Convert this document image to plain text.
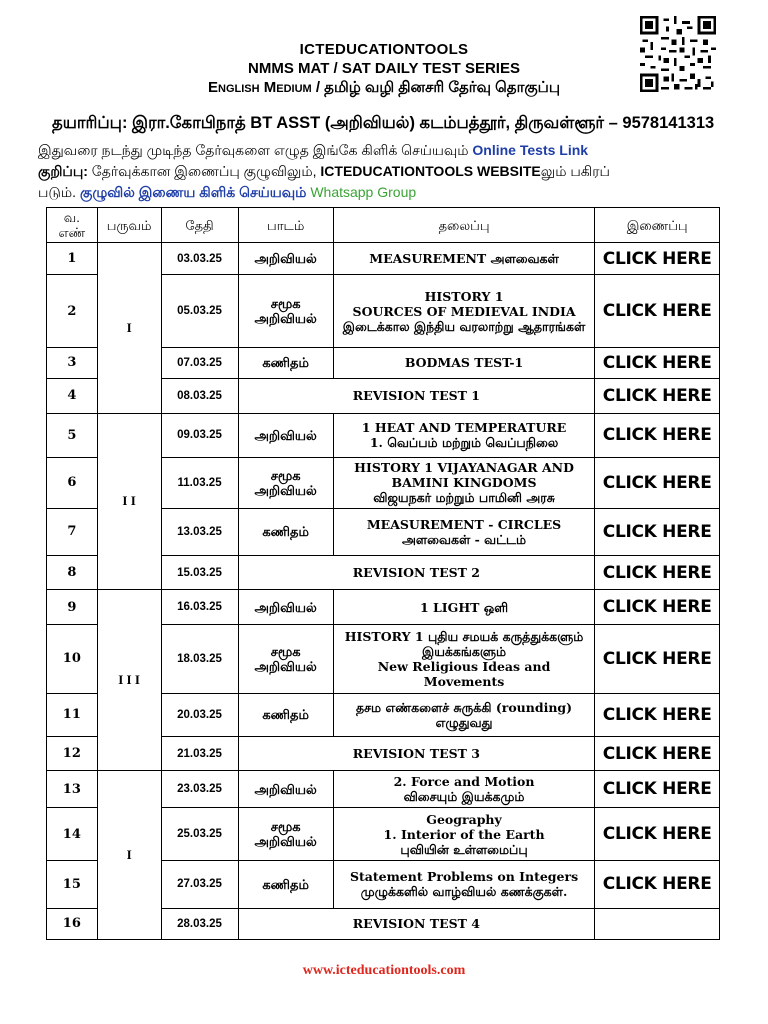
ICTEDUCATIONTOOLS
NMMS MAT / SAT DAILY TEST SERIES
English Medium / தமிழ் வழி தினசரி தேர்வு தொகுப்பு
தயாரிப்பு: இரா.கோபிநாத் BT ASST (அறிவியல்) கடம்பத்தூர், திருவள்ளூர் – 9578141313
இதுவரை நடந்து முடிந்த தேர்வுகளை எழுத இங்கே கிளிக் செய்யவும் Online Tests Link
குறிப்பு: தேர்வுக்கான இணைப்பு குழுவிலும், ICTEDUCATIONTOOLS WEBSITEலும் பகிரப்
படும். குழுவில் இணைய கிளிக் செய்யவும் Whatsapp Group
வ. எண்	பருவம்	தேதி	பாடம்	தலைப்பு	இணைப்பு
1	I	03.03.25	அறிவியல்	MEASUREMENT அளவைகள்	CLICK HERE
2		05.03.25	சமூக அறிவியல்	HISTORY 1
SOURCES OF MEDIEVAL INDIA
இடைக்கால இந்திய வரலாற்று ஆதாரங்கள்	CLICK HERE
3		07.03.25	கணிதம்	BODMAS TEST-1	CLICK HERE
4		08.03.25	REVISION TEST 1		CLICK HERE
5	I I	09.03.25	அறிவியல்	1 HEAT AND TEMPERATURE
1. வெப்பம் மற்றும் வெப்பநிலை	CLICK HERE
6		11.03.25	சமூக அறிவியல்	HISTORY 1 VIJAYANAGAR AND BAMINI KINGDOMS
விஜயநகர் மற்றும் பாமினி அரசு	CLICK HERE
7		13.03.25	கணிதம்	MEASUREMENT - CIRCLES
அளவைகள் - வட்டம்	CLICK HERE
8		15.03.25	REVISION TEST 2		CLICK HERE
9	I I I	16.03.25	அறிவியல்	1 LIGHT ஒளி	CLICK HERE
10		18.03.25	சமூக அறிவியல்	HISTORY 1 புதிய சமயக் கருத்துக்களும் இயக்கங்களும்
New Religious Ideas and Movements	CLICK HERE
11		20.03.25	கணிதம்	தசம எண்களைச் சுருக்கி (rounding) எழுதுவது	CLICK HERE
12		21.03.25	REVISION TEST 3		CLICK HERE
13	I	23.03.25	அறிவியல்	2. Force and Motion
விசையும் இயக்கமும்	CLICK HERE
14		25.03.25	சமூக அறிவியல்	Geography
1. Interior of the Earth
புவியின் உள்ளமைப்பு	CLICK HERE
15		27.03.25	கணிதம்	Statement Problems on Integers
முழுக்களில் வாழ்வியல் கணக்குகள்.	CLICK HERE
16		28.03.25	REVISION TEST 4		

www.icteducationtools.com
